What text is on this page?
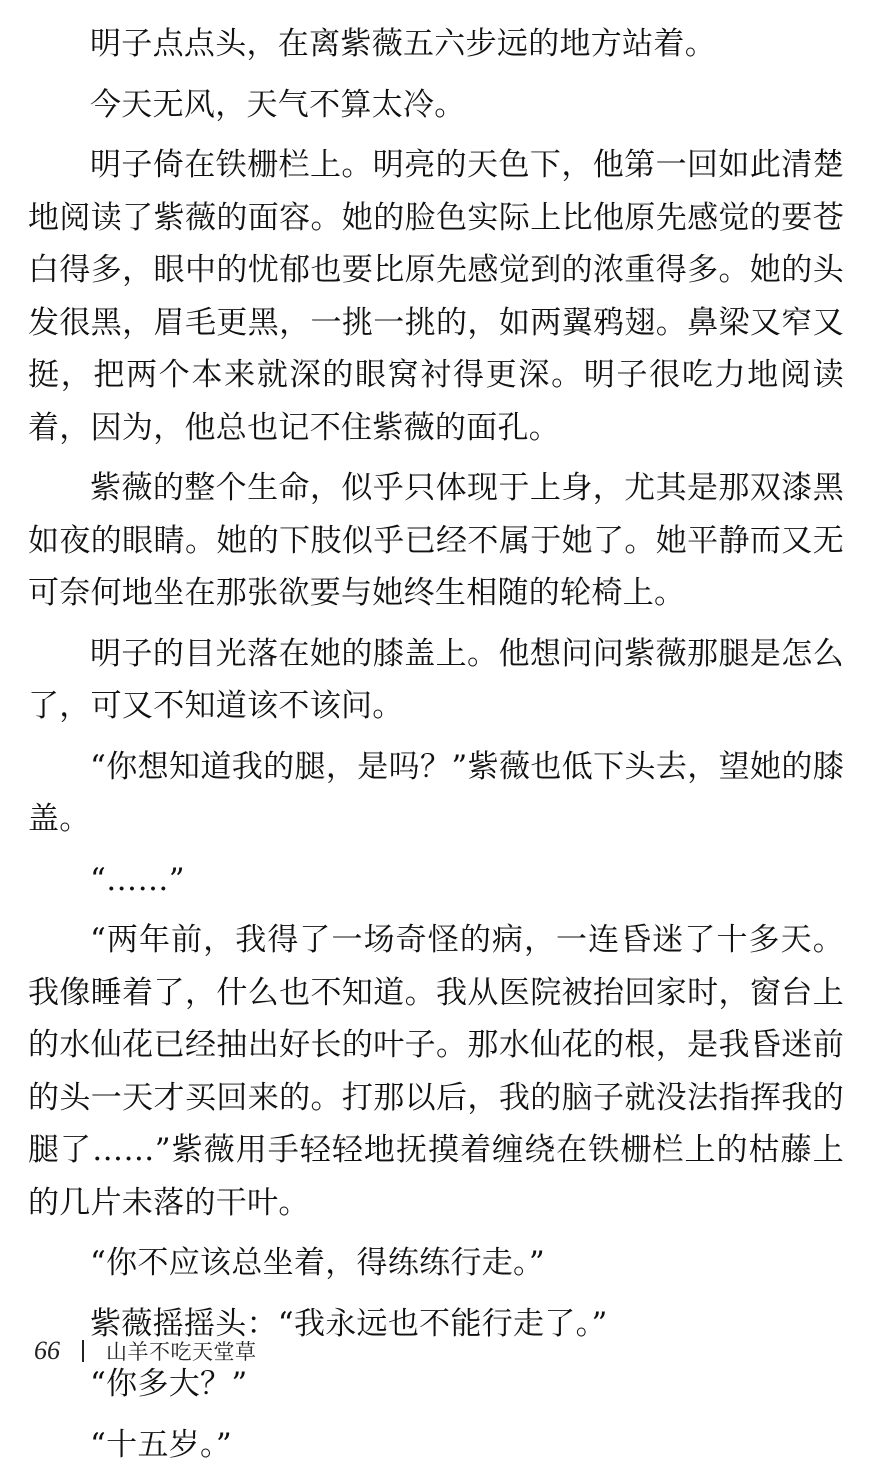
明子点点头，在离紫薇五六步远的地方站着。

今天无风，天气不算太冷。

明子倚在铁栅栏上。明亮的天色下，他第一回如此清楚地阅读了紫薇的面容。她的脸色实际上比他原先感觉的要苍白得多，眼中的忧郁也要比原先感觉到的浓重得多。她的头发很黑，眉毛更黑，一挑一挑的，如两翼鸦翅。鼻梁又窄又挺，把两个本来就深的眼窝衬得更深。明子很吃力地阅读着，因为，他总也记不住紫薇的面孔。

紫薇的整个生命，似乎只体现于上身，尤其是那双漆黑如夜的眼睛。她的下肢似乎已经不属于她了。她平静而又无可奈何地坐在那张欲要与她终生相随的轮椅上。

明子的目光落在她的膝盖上。他想问问紫薇那腿是怎么了，可又不知道该不该问。

“你想知道我的腿，是吗？”紫薇也低下头去，望她的膝盖。

“……”

“两年前，我得了一场奇怪的病，一连昏迷了十多天。我像睡着了，什么也不知道。我从医院被抬回家时，窗台上的水仙花已经抽出好长的叶子。那水仙花的根，是我昏迷前的头一天才买回来的。打那以后，我的脑子就没法指挥我的腿了……”紫薇用手轻轻地抚摸着缠绕在铁栅栏上的枯藤上的几片未落的干叶。

“你不应该总坐着，得练练行走。”

紫薇摇摇头：“我永远也不能行走了。”

“你多大？”

“十五岁。”

66 山羊不吃天堂草
